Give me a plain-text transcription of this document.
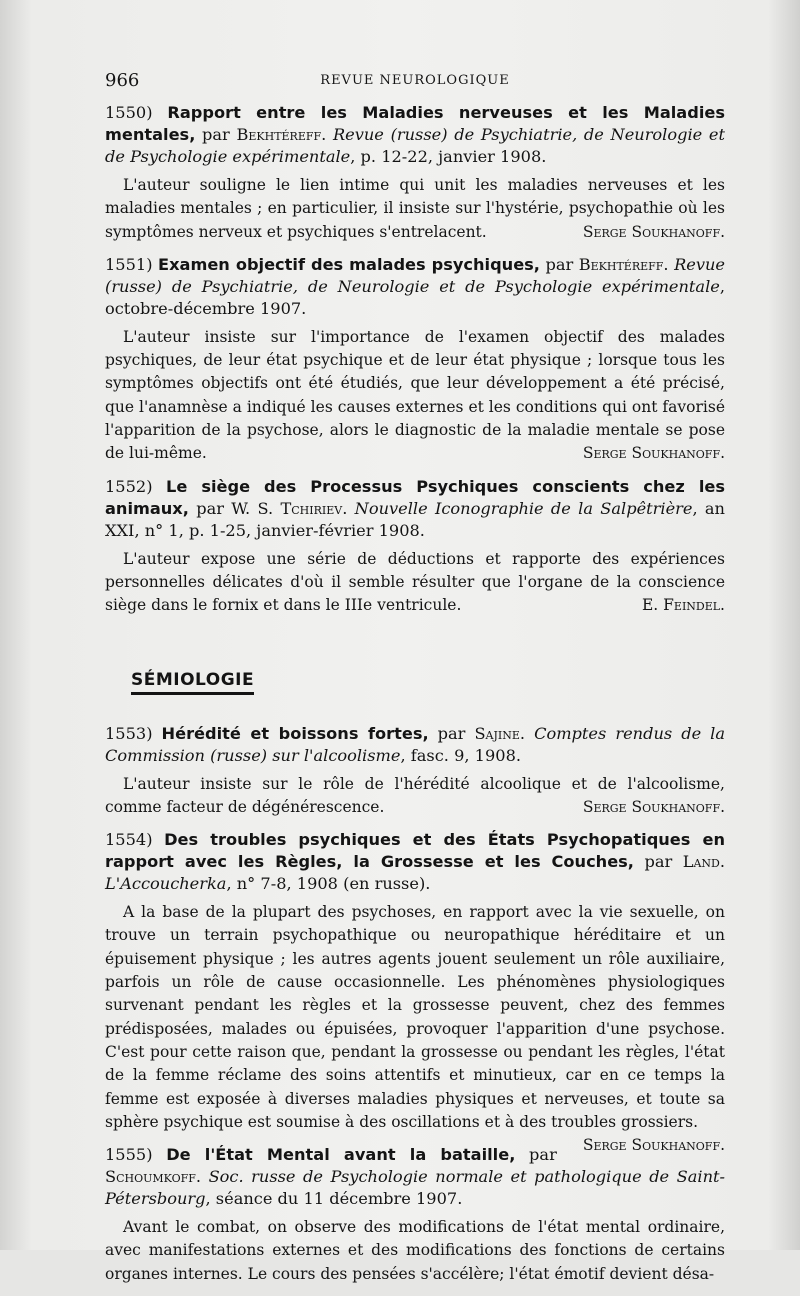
966	REVUE NEUROLOGIQUE

1550) Rapport entre les Maladies nerveuses et les Maladies mentales, par Bekhtéreff. Revue (russe) de Psychiatrie, de Neurologie et de Psychologie expérimentale, p. 12-22, janvier 1908.

L'auteur souligne le lien intime qui unit les maladies nerveuses et les maladies mentales ; en particulier, il insiste sur l'hystérie, psychopathie où les symptômes nerveux et psychiques s'entrelacent.	Serge Soukhanoff.

1551) Examen objectif des malades psychiques, par Bekhtéreff. Revue (russe) de Psychiatrie, de Neurologie et de Psychologie expérimentale, octobre-décembre 1907.

L'auteur insiste sur l'importance de l'examen objectif des malades psychiques, de leur état psychique et de leur état physique ; lorsque tous les symptômes objectifs ont été étudiés, que leur développement a été précisé, que l'anamnèse a indiqué les causes externes et les conditions qui ont favorisé l'apparition de la psychose, alors le diagnostic de la maladie mentale se pose de lui-même.	Serge Soukhanoff.

1552) Le siège des Processus Psychiques conscients chez les animaux, par W. S. Tchiriev. Nouvelle Iconographie de la Salpêtrière, an XXI, n° 1, p. 1-25, janvier-février 1908.

L'auteur expose une série de déductions et rapporte des expériences personnelles délicates d'où il semble résulter que l'organe de la conscience siège dans le fornix et dans le IIIe ventricule.	E. Feindel.

SÉMIOLOGIE

1553) Hérédité et boissons fortes, par Sajine. Comptes rendus de la Commission (russe) sur l'alcoolisme, fasc. 9, 1908.

L'auteur insiste sur le rôle de l'hérédité alcoolique et de l'alcoolisme, comme facteur de dégénérescence.	Serge Soukhanoff.

1554) Des troubles psychiques et des États Psychopatiques en rapport avec les Règles, la Grossesse et les Couches, par Land. L'Accoucherka, n° 7-8, 1908 (en russe).

A la base de la plupart des psychoses, en rapport avec la vie sexuelle, on trouve un terrain psychopathique ou neuropathique héréditaire et un épuisement physique ; les autres agents jouent seulement un rôle auxiliaire, parfois un rôle de cause occasionnelle. Les phénomènes physiologiques survenant pendant les règles et la grossesse peuvent, chez des femmes prédisposées, malades ou épuisées, provoquer l'apparition d'une psychose. C'est pour cette raison que, pendant la grossesse ou pendant les règles, l'état de la femme réclame des soins attentifs et minutieux, car en ce temps la femme est exposée à diverses maladies physiques et nerveuses, et toute sa sphère psychique est soumise à des oscillations et à des troubles grossiers.
Serge Soukhanoff.

1555) De l'État Mental avant la bataille, par Schoumkoff. Soc. russe de Psychologie normale et pathologique de Saint-Pétersbourg, séance du 11 décembre 1907.

Avant le combat, on observe des modifications de l'état mental ordinaire, avec manifestations externes et des modifications des fonctions de certains organes internes. Le cours des pensées s'accélère; l'état émotif devient désa-
